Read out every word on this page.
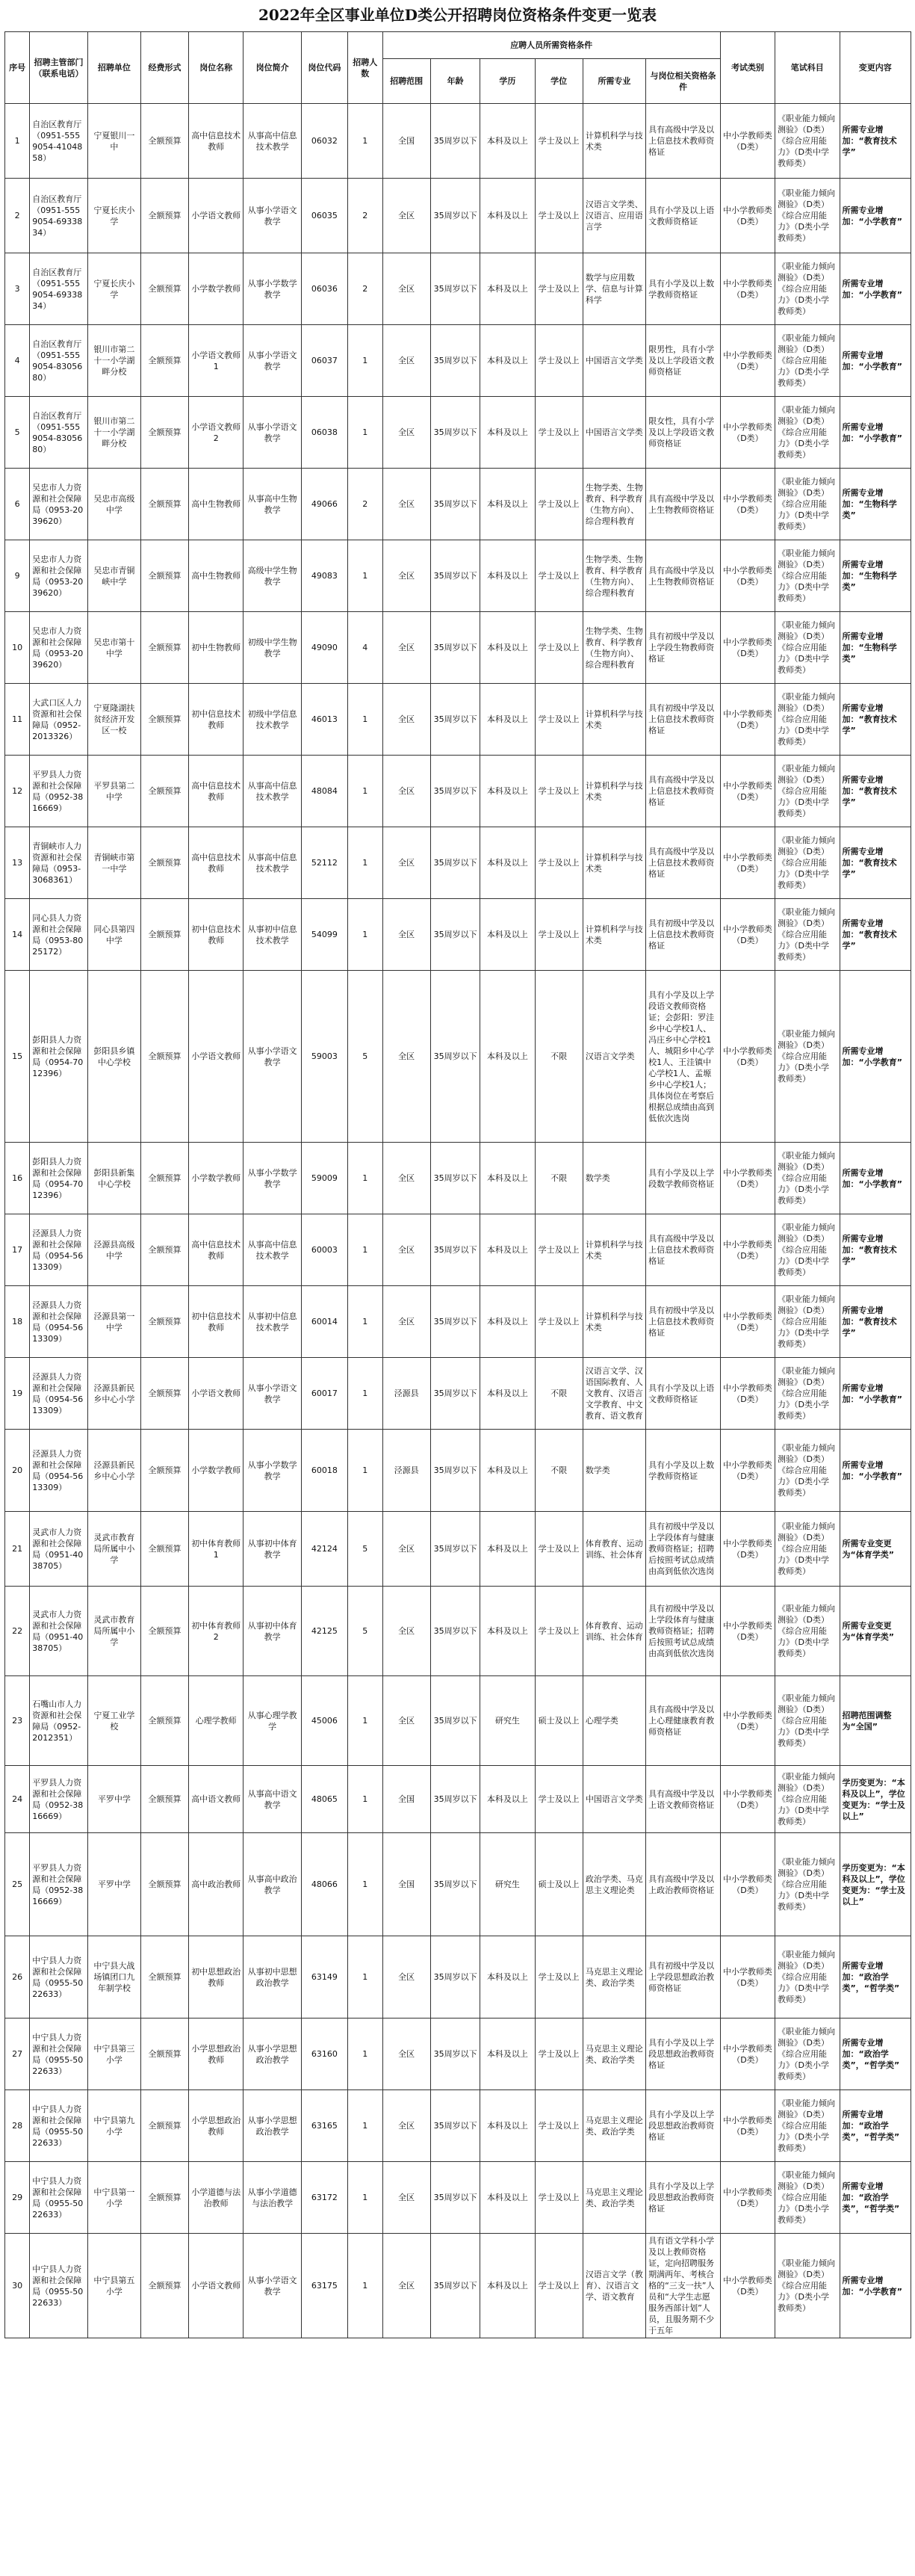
2022年全区事业单位D类公开招聘岗位资格条件变更一览表
序号	招聘主管部门（联系电话）	招聘单位	经费形式	岗位名称	岗位简介	岗位代码	招聘人数	应聘人员所需资格条件						考试类别	笔试科目	变更内容
								招聘范围	年龄	学历	学位	所需专业	与岗位相关资格条件			
1	自治区教育厅（0951-5559054-4104858）	宁夏银川一中	全额预算	高中信息技术教师	从事高中信息技术教学	06032	1	全国	35周岁以下	本科及以上	学士及以上	计算机科学与技术类	具有高级中学及以上信息技术教师资格证	中小学教师类（D类）	《职业能力倾向测验》（D类）《综合应用能力》（D类中学教师类）	所需专业增加：“教育技术学”
2	自治区教育厅（0951-5559054-6933834）	宁夏长庆小学	全额预算	小学语文教师	从事小学语文教学	06035	2	全区	35周岁以下	本科及以上	学士及以上	汉语言文学类、汉语言、应用语言学	具有小学及以上语文教师资格证	中小学教师类（D类）	《职业能力倾向测验》（D类）《综合应用能力》（D类小学教师类）	所需专业增加：“小学教育”
3	自治区教育厅（0951-5559054-6933834）	宁夏长庆小学	全额预算	小学数学教师	从事小学数学教学	06036	2	全区	35周岁以下	本科及以上	学士及以上	数学与应用数学、信息与计算科学	具有小学及以上数学教师资格证	中小学教师类（D类）	《职业能力倾向测验》（D类）《综合应用能力》（D类小学教师类）	所需专业增加：“小学教育”
4	自治区教育厅（0951-5559054-8305680）	银川市第二十一小学湖畔分校	全额预算	小学语文教师1	从事小学语文教学	06037	1	全区	35周岁以下	本科及以上	学士及以上	中国语言文学类	限男性，具有小学及以上学段语文教师资格证	中小学教师类（D类）	《职业能力倾向测验》（D类）《综合应用能力》（D类小学教师类）	所需专业增加：“小学教育”
5	自治区教育厅（0951-5559054-8305680）	银川市第二十一小学湖畔分校	全额预算	小学语文教师2	从事小学语文教学	06038	1	全区	35周岁以下	本科及以上	学士及以上	中国语言文学类	限女性，具有小学及以上学段语文教师资格证	中小学教师类（D类）	《职业能力倾向测验》（D类）《综合应用能力》（D类小学教师类）	所需专业增加：“小学教育”
6	吴忠市人力资源和社会保障局（0953-2039620）	吴忠市高级中学	全额预算	高中生物教师	从事高中生物教学	49066	2	全区	35周岁以下	本科及以上	学士及以上	生物学类、生物教育、科学教育（生物方向）、综合理科教育	具有高级中学及以上生物教师资格证	中小学教师类（D类）	《职业能力倾向测验》（D类）《综合应用能力》（D类中学教师类）	所需专业增加：“生物科学类”
9	吴忠市人力资源和社会保障局（0953-2039620）	吴忠市青铜峡中学	全额预算	高中生物教师	高级中学生物教学	49083	1	全区	35周岁以下	本科及以上	学士及以上	生物学类、生物教育、科学教育（生物方向）、综合理科教育	具有高级中学及以上生物教师资格证	中小学教师类（D类）	《职业能力倾向测验》（D类）《综合应用能力》（D类中学教师类）	所需专业增加：“生物科学类”
10	吴忠市人力资源和社会保障局（0953-2039620）	吴忠市第十中学	全额预算	初中生物教师	初级中学生物教学	49090	4	全区	35周岁以下	本科及以上	学士及以上	生物学类、生物教育、科学教育（生物方向）、综合理科教育	具有初级中学及以上学段生物教师资格证	中小学教师类（D类）	《职业能力倾向测验》（D类）《综合应用能力》（D类中学教师类）	所需专业增加：“生物科学类”
11	大武口区人力资源和社会保障局（0952-2013326）	宁夏隆湖扶贫经济开发区一校	全额预算	初中信息技术教师	初级中学信息技术教学	46013	1	全区	35周岁以下	本科及以上	学士及以上	计算机科学与技术类	具有初级中学及以上信息技术教师资格证	中小学教师类（D类）	《职业能力倾向测验》（D类）《综合应用能力》（D类中学教师类）	所需专业增加：“教育技术学”
12	平罗县人力资源和社会保障局（0952-3816669）	平罗县第二中学	全额预算	高中信息技术教师	从事高中信息技术教学	48084	1	全区	35周岁以下	本科及以上	学士及以上	计算机科学与技术类	具有高级中学及以上信息技术教师资格证	中小学教师类（D类）	《职业能力倾向测验》（D类）《综合应用能力》（D类中学教师类）	所需专业增加：“教育技术学”
13	青铜峡市人力资源和社会保障局（0953-3068361）	青铜峡市第一中学	全额预算	高中信息技术教师	从事高中信息技术教学	52112	1	全区	35周岁以下	本科及以上	学士及以上	计算机科学与技术类	具有高级中学及以上信息技术教师资格证	中小学教师类（D类）	《职业能力倾向测验》（D类）《综合应用能力》（D类中学教师类）	所需专业增加：“教育技术学”
14	同心县人力资源和社会保障局（0953-8025172）	同心县第四中学	全额预算	初中信息技术教师	从事初中信息技术教学	54099	1	全区	35周岁以下	本科及以上	学士及以上	计算机科学与技术类	具有初级中学及以上信息技术教师资格证	中小学教师类（D类）	《职业能力倾向测验》（D类）《综合应用能力》（D类中学教师类）	所需专业增加：“教育技术学”
15	彭阳县人力资源和社会保障局（0954-7012396）	彭阳县乡镇中心学校	全额预算	小学语文教师	从事小学语文教学	59003	5	全区	35周岁以下	本科及以上	不限	汉语言文学类	具有小学及以上学段语文教师资格证；会彭阳：罗洼乡中心学校1人、冯庄乡中心学校1人、城阳乡中心学校1人、王洼镇中心学校1人、孟塬乡中心学校1人；具体岗位在考察后根据总成绩由高到低依次选岗	中小学教师类（D类）	《职业能力倾向测验》（D类）《综合应用能力》（D类小学教师类）	所需专业增加：“小学教育”
16	彭阳县人力资源和社会保障局（0954-7012396）	彭阳县新集中心学校	全额预算	小学数学教师	从事小学数学教学	59009	1	全区	35周岁以下	本科及以上	不限	数学类	具有小学及以上学段数学教师资格证	中小学教师类（D类）	《职业能力倾向测验》（D类）《综合应用能力》（D类小学教师类）	所需专业增加：“小学教育”
17	泾源县人力资源和社会保障局（0954-5613309）	泾源县高级中学	全额预算	高中信息技术教师	从事高中信息技术教学	60003	1	全区	35周岁以下	本科及以上	学士及以上	计算机科学与技术类	具有高级中学及以上信息技术教师资格证	中小学教师类（D类）	《职业能力倾向测验》（D类）《综合应用能力》（D类中学教师类）	所需专业增加：“教育技术学”
18	泾源县人力资源和社会保障局（0954-5613309）	泾源县第一中学	全额预算	初中信息技术教师	从事初中信息技术教学	60014	1	全区	35周岁以下	本科及以上	学士及以上	计算机科学与技术类	具有初级中学及以上信息技术教师资格证	中小学教师类（D类）	《职业能力倾向测验》（D类）《综合应用能力》（D类中学教师类）	所需专业增加：“教育技术学”
19	泾源县人力资源和社会保障局（0954-5613309）	泾源县新民乡中心小学	全额预算	小学语文教师	从事小学语文教学	60017	1	泾源县	35周岁以下	本科及以上	不限	汉语言文学、汉语国际教育、人文教育、汉语言文学教育、中文教育、语文教育	具有小学及以上语文教师资格证	中小学教师类（D类）	《职业能力倾向测验》（D类）《综合应用能力》（D类小学教师类）	所需专业增加：“小学教育”
20	泾源县人力资源和社会保障局（0954-5613309）	泾源县新民乡中心小学	全额预算	小学数学教师	从事小学数学教学	60018	1	泾源县	35周岁以下	本科及以上	不限	数学类	具有小学及以上数学教师资格证	中小学教师类（D类）	《职业能力倾向测验》（D类）《综合应用能力》（D类小学教师类）	所需专业增加：“小学教育”
21	灵武市人力资源和社会保障局（0951-4038705）	灵武市教育局所属中小学	全额预算	初中体育教师1	从事初中体育教学	42124	5	全区	35周岁以下	本科及以上	学士及以上	体育教育、运动训练、社会体育	具有初级中学及以上学段体育与健康教师资格证；招聘后按照考试总成绩由高到低依次选岗	中小学教师类（D类）	《职业能力倾向测验》（D类）《综合应用能力》（D类中学教师类）	所需专业变更为“体育学类”
22	灵武市人力资源和社会保障局（0951-4038705）	灵武市教育局所属中小学	全额预算	初中体育教师2	从事初中体育教学	42125	5	全区	35周岁以下	本科及以上	学士及以上	体育教育、运动训练、社会体育	具有初级中学及以上学段体育与健康教师资格证；招聘后按照考试总成绩由高到低依次选岗	中小学教师类（D类）	《职业能力倾向测验》（D类）《综合应用能力》（D类中学教师类）	所需专业变更为“体育学类”
23	石嘴山市人力资源和社会保障局（0952-2012351）	宁夏工业学校	全额预算	心理学教师	从事心理学教学	45006	1	全区	35周岁以下	研究生	硕士及以上	心理学类	具有高级中学及以上心理健康教育教师资格证	中小学教师类（D类）	《职业能力倾向测验》（D类）《综合应用能力》（D类中学教师类）	招聘范围调整为“全国”
24	平罗县人力资源和社会保障局（0952-3816669）	平罗中学	全额预算	高中语文教师	从事高中语文教学	48065	1	全国	35周岁以下	本科及以上	学士及以上	中国语言文学类	具有高级中学及以上语文教师资格证	中小学教师类（D类）	《职业能力倾向测验》（D类）《综合应用能力》（D类中学教师类）	学历变更为：“本科及以上”，学位变更为：“学士及以上”
25	平罗县人力资源和社会保障局（0952-3816669）	平罗中学	全额预算	高中政治教师	从事高中政治教学	48066	1	全国	35周岁以下	研究生	硕士及以上	政治学类、马克思主义理论类	具有高级中学及以上政治教师资格证	中小学教师类（D类）	《职业能力倾向测验》（D类）《综合应用能力》（D类中学教师类）	学历变更为：“本科及以上”，学位变更为：“学士及以上”
26	中宁县人力资源和社会保障局（0955-5022633）	中宁县大战场镇团口九年制学校	全额预算	初中思想政治教师	从事初中思想政治教学	63149	1	全区	35周岁以下	本科及以上	学士及以上	马克思主义理论类、政治学类	具有初级中学及以上学段思想政治教师资格证	中小学教师类（D类）	《职业能力倾向测验》（D类）《综合应用能力》（D类中学教师类）	所需专业增加：“政治学类”，“哲学类”
27	中宁县人力资源和社会保障局（0955-5022633）	中宁县第三小学	全额预算	小学思想政治教师	从事小学思想政治教学	63160	1	全区	35周岁以下	本科及以上	学士及以上	马克思主义理论类、政治学类	具有小学及以上学段思想政治教师资格证	中小学教师类（D类）	《职业能力倾向测验》（D类）《综合应用能力》（D类小学教师类）	所需专业增加：“政治学类”，“哲学类”
28	中宁县人力资源和社会保障局（0955-5022633）	中宁县第九小学	全额预算	小学思想政治教师	从事小学思想政治教学	63165	1	全区	35周岁以下	本科及以上	学士及以上	马克思主义理论类、政治学类	具有小学及以上学段思想政治教师资格证	中小学教师类（D类）	《职业能力倾向测验》（D类）《综合应用能力》（D类小学教师类）	所需专业增加：“政治学类”，“哲学类”
29	中宁县人力资源和社会保障局（0955-5022633）	中宁县第一小学	全额预算	小学道德与法治教师	从事小学道德与法治教学	63172	1	全区	35周岁以下	本科及以上	学士及以上	马克思主义理论类、政治学类	具有小学及以上学段思想政治教师资格证	中小学教师类（D类）	《职业能力倾向测验》（D类）《综合应用能力》（D类小学教师类）	所需专业增加：“政治学类”，“哲学类”
30	中宁县人力资源和社会保障局（0955-5022633）	中宁县第五小学	全额预算	小学语文教师	从事小学语文教学	63175	1	全区	35周岁以下	本科及以上	学士及以上	汉语言文学（教育）、汉语言文学、语文教育	具有语文学科小学及以上教师资格证，定向招聘服务期满两年、考核合格的“三支一扶”人员和“大学生志愿服务西部计划”人员，且服务期不少于五年	中小学教师类（D类）	《职业能力倾向测验》（D类）《综合应用能力》（D类小学教师类）	所需专业增加：“小学教育”
